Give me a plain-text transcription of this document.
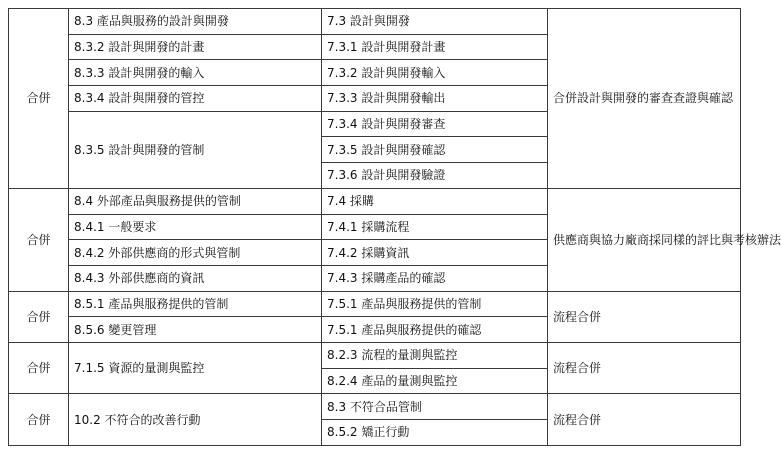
合併	8.3 產品與服務的設計與開發	7.3 設計與開發	合併設計與開發的審查查證與確認
	8.3.2 設計與開發的計畫	7.3.1 設計與開發計畫	
	8.3.3 設計與開發的輸入	7.3.2 設計與開發輸入	
	8.3.4 設計與開發的管控	7.3.3 設計與開發輸出	
	8.3.5 設計與開發的管制	7.3.4 設計與開發審查	
		7.3.5 設計與開發確認	
		7.3.6 設計與開發驗證	
合併	8.4 外部產品與服務提供的管制	7.4 採購	供應商與協力廠商採同樣的評比與考核辦法
	8.4.1 一般要求	7.4.1 採購流程	
	8.4.2 外部供應商的形式與管制	7.4.2 採購資訊	
	8.4.3 外部供應商的資訊	7.4.3 採購產品的確認	
合併	8.5.1 產品與服務提供的管制	7.5.1 產品與服務提供的管制	流程合併
	8.5.6 變更管理	7.5.1 產品與服務提供的確認	
合併	7.1.5 資源的量測與監控	8.2.3 流程的量測與監控	流程合併
		8.2.4 產品的量測與監控	
合併	10.2 不符合的改善行動	8.3 不符合品管制	流程合併
		8.5.2 矯正行動	
